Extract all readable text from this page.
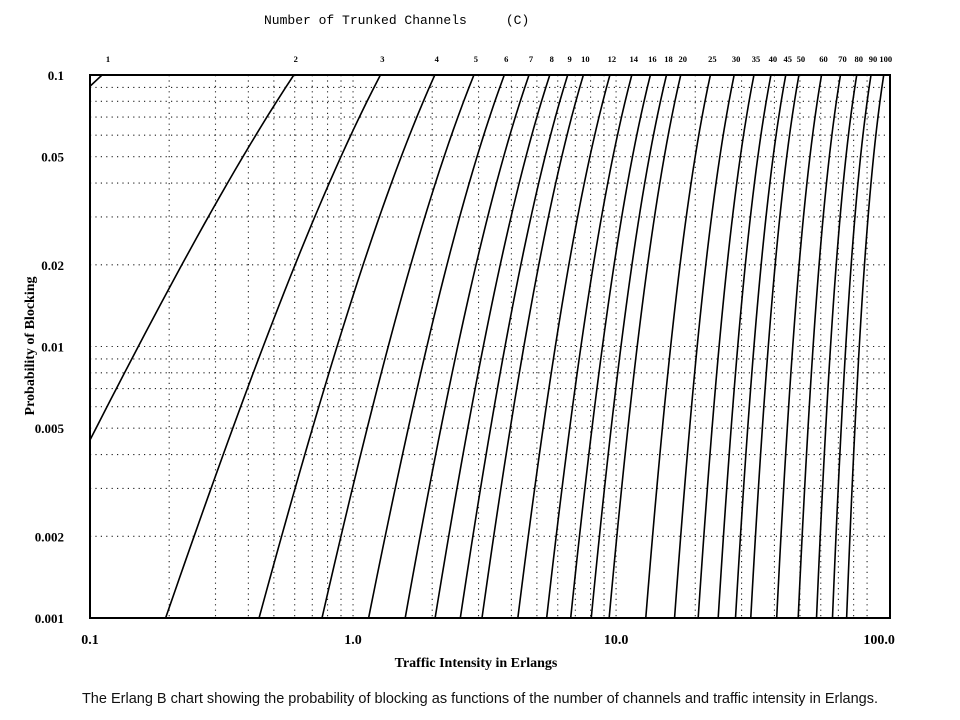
Number of Trunked Channels     (C)
0.1
0.05
0.02
0.01
0.005
0.002
0.001
0.1	1.0	10.0	100.0
1	2	3	4	5	6 7 8 9 10 12 14 16 18 20 25 30 35 40 45 50 60 70 80 90 100
Traffic Intensity in Erlangs
Probability of Blocking
The Erlang B chart showing the probability of blocking as functions of the number of channels and traffic intensity in Erlangs.
